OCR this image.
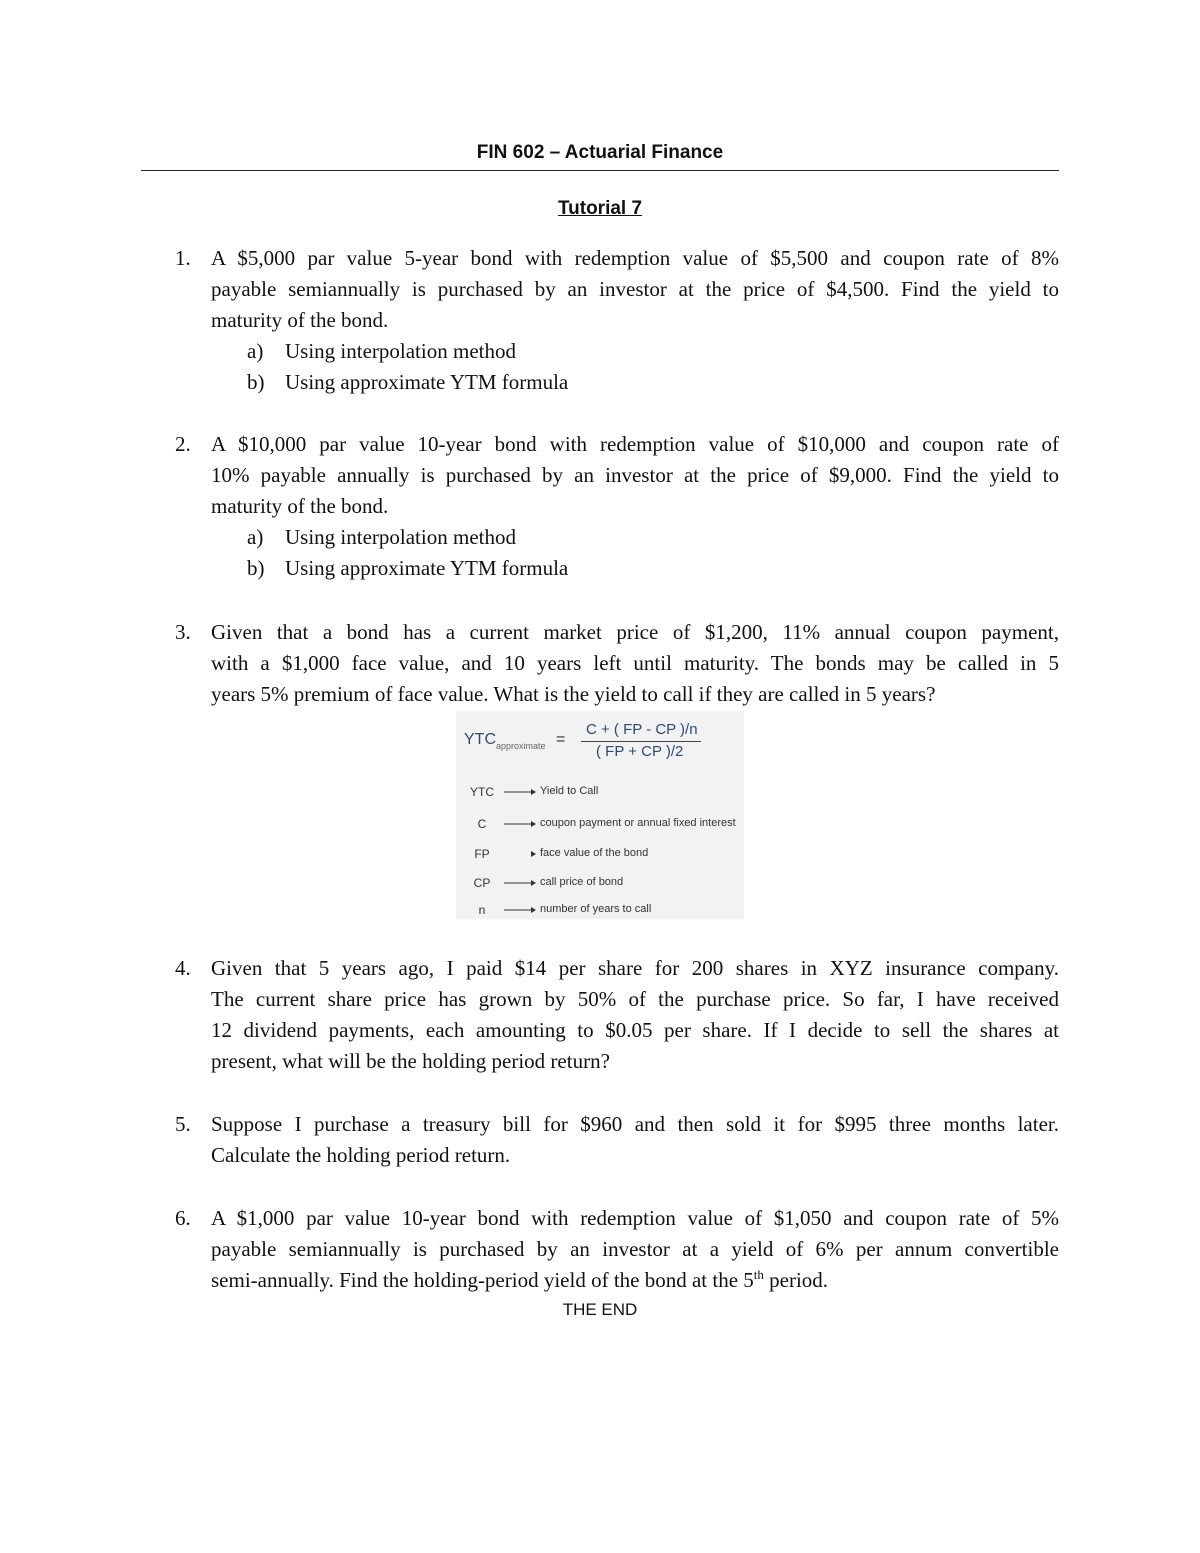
FIN 602 – Actuarial Finance
Tutorial 7
1. A $5,000 par value 5-year bond with redemption value of $5,500 and coupon rate of 8%
payable semiannually is purchased by an investor at the price of $4,500. Find the yield to
maturity of the bond.
a) Using interpolation method
b) Using approximate YTM formula
2. A $10,000 par value 10-year bond with redemption value of $10,000 and coupon rate of
10% payable annually is purchased by an investor at the price of $9,000. Find the yield to
maturity of the bond.
a) Using interpolation method
b) Using approximate YTM formula
3. Given that a bond has a current market price of $1,200, 11% annual coupon payment,
with a $1,000 face value, and 10 years left until maturity. The bonds may be called in 5
years 5% premium of face value. What is the yield to call if they are called in 5 years?
$YTC_{approximate}$ =
C + ( FP - CP )/n
( FP + CP )/2
YTC	Yield to Call
C	coupon payment or annual fixed interest
FP	face value of the bond
CP	call price of bond
n	number of years to call
4. Given that 5 years ago, I paid $14 per share for 200 shares in XYZ insurance company.
The current share price has grown by 50% of the purchase price. So far, I have received
12 dividend payments, each amounting to $0.05 per share. If I decide to sell the shares at
present, what will be the holding period return?
5. Suppose I purchase a treasury bill for $960 and then sold it for $995 three months later.
Calculate the holding period return.
6. A $1,000 par value 10-year bond with redemption value of $1,050 and coupon rate of 5%
payable semiannually is purchased by an investor at a yield of 6% per annum convertible
semi-annually. Find the holding-period yield of the bond at the 5th period.
THE END
